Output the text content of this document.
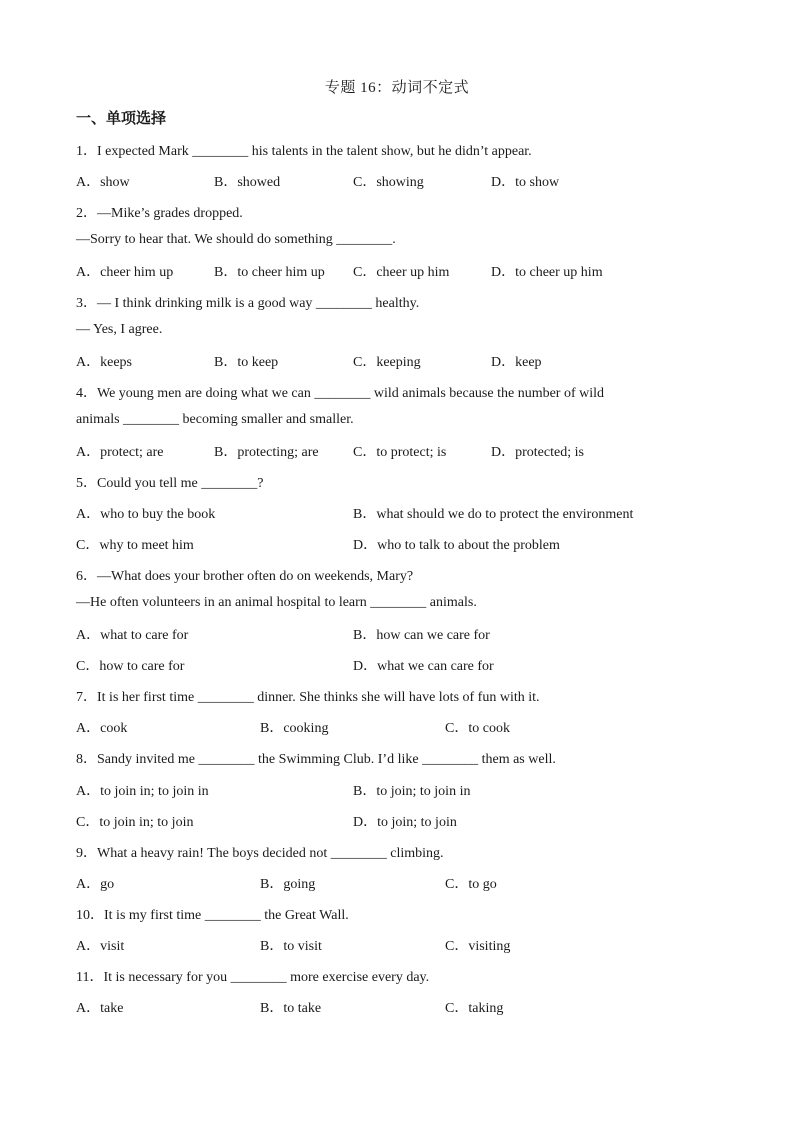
专题 16：动词不定式
一、单项选择
1．I expected Mark ________ his talents in the talent show, but he didn’t appear.
A．show	B．showed	C．showing	D．to show
2．—Mike’s grades dropped.
—Sorry to hear that. We should do something ________.
A．cheer him up	B．to cheer him up C．cheer up him	D．to cheer up him
3．— I think drinking milk is a good way ________ healthy.
— Yes, I agree.
A．keeps	B．to keep	C．keeping	D．keep
4．We young men are doing what we can ________ wild animals because the number of wild
animals ________ becoming smaller and smaller.
A．protect; are	B．protecting; are C．to protect; is	D．protected; is
5．Could you tell me ________?
A．who to buy the book	B．what should we do to protect the environment
C．why to meet him	D．who to talk to about the problem
6．—What does your brother often do on weekends, Mary?
—He often volunteers in an animal hospital to learn ________ animals.
A．what to care for	B．how can we care for
C．how to care for	D．what we can care for
7．It is her first time ________ dinner. She thinks she will have lots of fun with it.
A．cook	B．cooking	C．to cook
8．Sandy invited me ________ the Swimming Club. I’d like ________ them as well.
A．to join in; to join in	B．to join; to join in
C．to join in; to join	D．to join; to join
9．What a heavy rain! The boys decided not ________ climbing.
A．go	B．going	C．to go
10．It is my first time ________ the Great Wall.
A．visit	B．to visit	C．visiting
11．It is necessary for you ________ more exercise every day.
A．take	B．to take	C．taking
